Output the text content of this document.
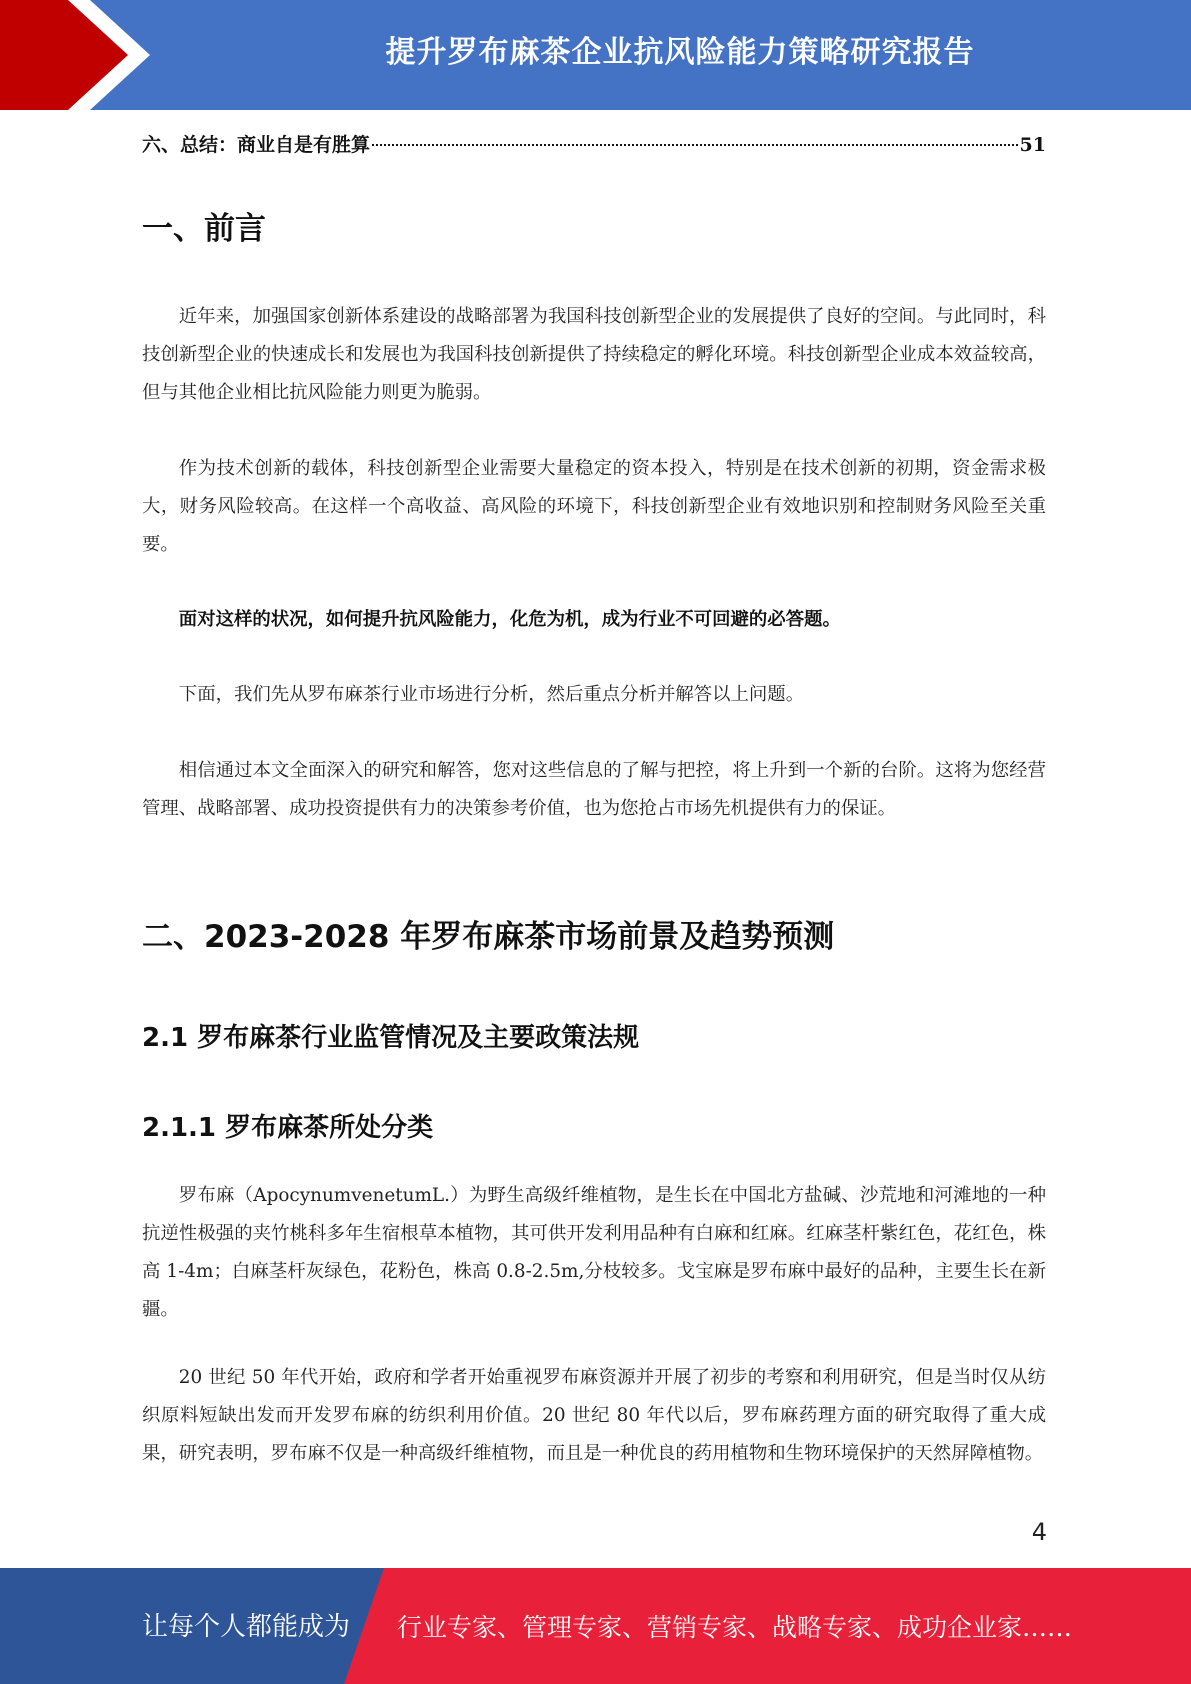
提升罗布麻茶企业抗风险能力策略研究报告
六、总结：商业自是有胜算	51
一、前言

近年来，加强国家创新体系建设的战略部署为我国科技创新型企业的发展提供了良好的空间。与此同时，科技创新型企业的快速成长和发展也为我国科技创新提供了持续稳定的孵化环境。科技创新型企业成本效益较高，但与其他企业相比抗风险能力则更为脆弱。

作为技术创新的载体，科技创新型企业需要大量稳定的资本投入，特别是在技术创新的初期，资金需求极大，财务风险较高。在这样一个高收益、高风险的环境下，科技创新型企业有效地识别和控制财务风险至关重要。

面对这样的状况，如何提升抗风险能力，化危为机，成为行业不可回避的必答题。

下面，我们先从罗布麻茶行业市场进行分析，然后重点分析并解答以上问题。

相信通过本文全面深入的研究和解答，您对这些信息的了解与把控，将上升到一个新的台阶。这将为您经营管理、战略部署、成功投资提供有力的决策参考价值，也为您抢占市场先机提供有力的保证。

二、2023-2028 年罗布麻茶市场前景及趋势预测
2.1 罗布麻茶行业监管情况及主要政策法规
2.1.1 罗布麻茶所处分类

罗布麻（ApocynumvenetumL.）为野生高级纤维植物，是生长在中国北方盐碱、沙荒地和河滩地的一种抗逆性极强的夹竹桃科多年生宿根草本植物，其可供开发利用品种有白麻和红麻。红麻茎杆紫红色，花红色，株高 1-4m；白麻茎杆灰绿色，花粉色，株高 0.8-2.5m,分枝较多。戈宝麻是罗布麻中最好的品种，主要生长在新疆。

20 世纪 50 年代开始，政府和学者开始重视罗布麻资源并开展了初步的考察和利用研究，但是当时仅从纺织原料短缺出发而开发罗布麻的纺织利用价值。20 世纪 80 年代以后，罗布麻药理方面的研究取得了重大成果，研究表明，罗布麻不仅是一种高级纤维植物，而且是一种优良的药用植物和生物环境保护的天然屏障植物。

4
让每个人都能成为 行业专家、管理专家、营销专家、战略专家、成功企业家……
